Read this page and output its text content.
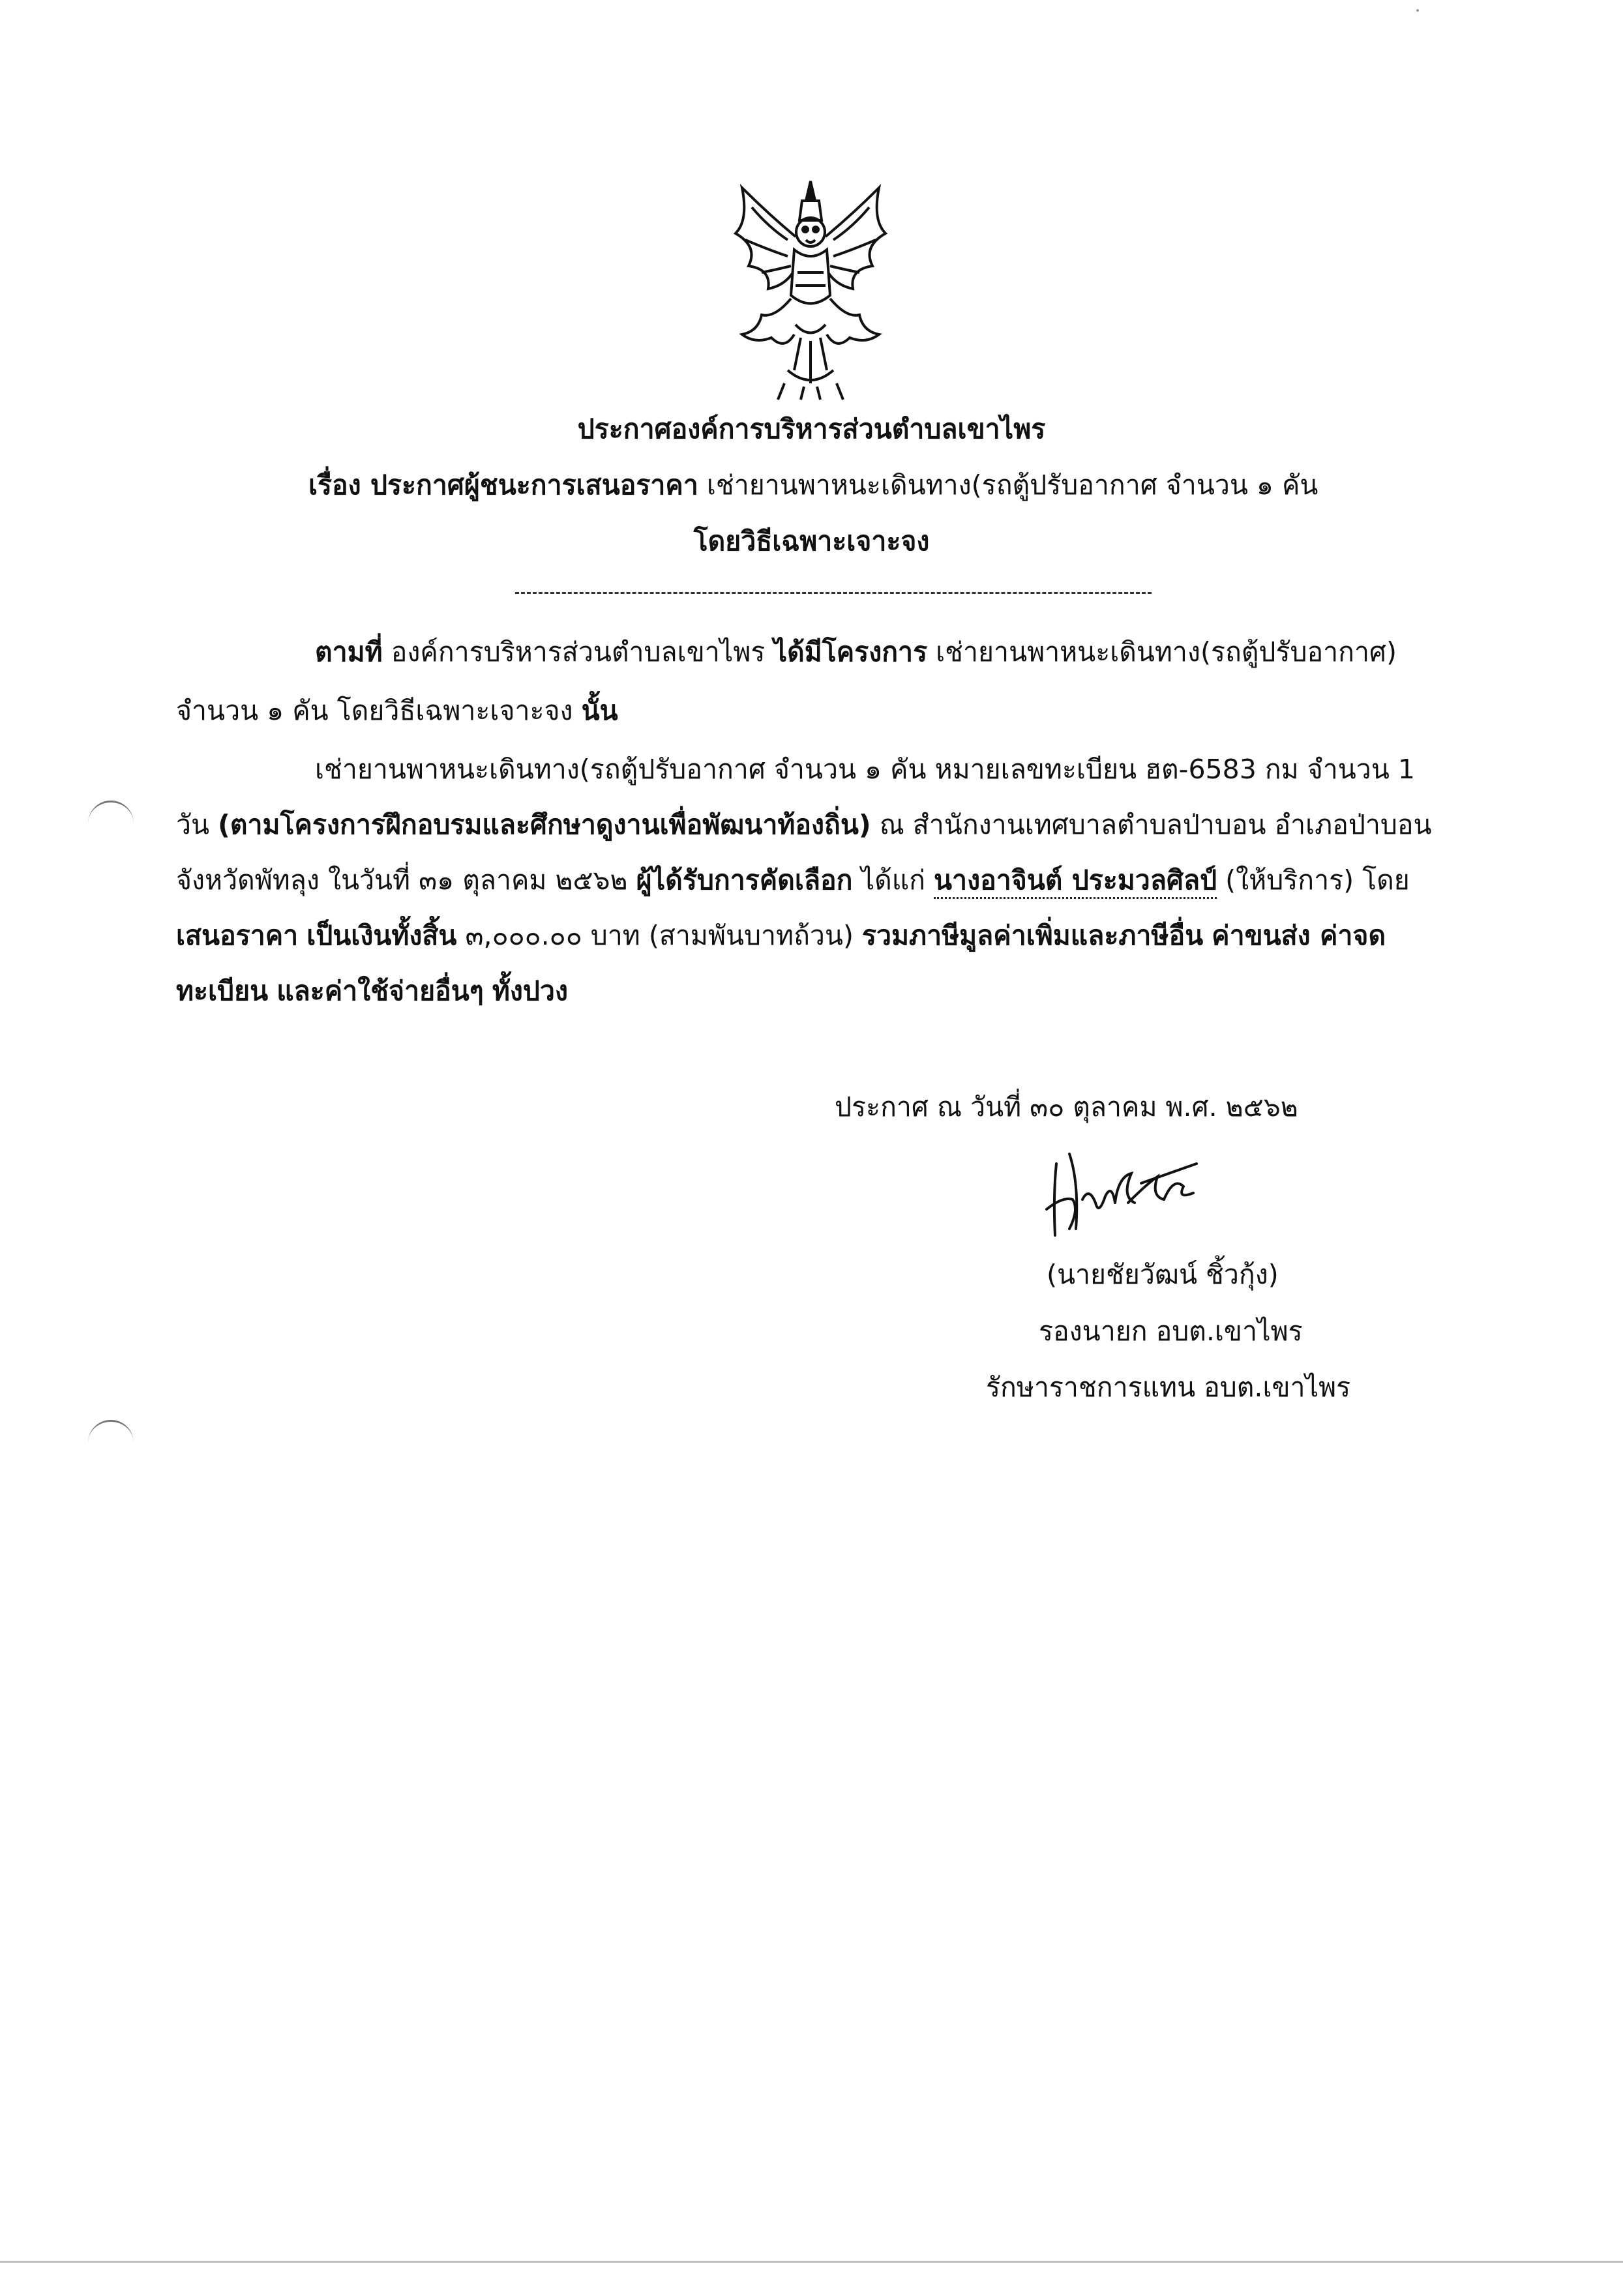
ประกาศองค์การบริหารส่วนตำบลเขาไพร
เรื่อง ประกาศผู้ชนะการเสนอราคา เช่ายานพาหนะเดินทาง(รถตู้ปรับอากาศ จำนวน ๑ คัน
โดยวิธีเฉพาะเจาะจง
ตามที่ องค์การบริหารส่วนตำบลเขาไพร ได้มีโครงการ เช่ายานพาหนะเดินทาง(รถตู้ปรับอากาศ)
จำนวน ๑ คัน โดยวิธีเฉพาะเจาะจง นั้น
เช่ายานพาหนะเดินทาง(รถตู้ปรับอากาศ จำนวน ๑ คัน หมายเลขทะเบียน ฮต-6583 กม จำนวน 1
วัน (ตามโครงการฝึกอบรมและศึกษาดูงานเพื่อพัฒนาท้องถิ่น) ณ สำนักงานเทศบาลตำบลป่าบอน อำเภอป่าบอน
จังหวัดพัทลุง ในวันที่ ๓๑ ตุลาคม ๒๕๖๒ ผู้ได้รับการคัดเลือก ได้แก่ นางอาจินต์ ประมวลศิลป์ (ให้บริการ) โดย
เสนอราคา เป็นเงินทั้งสิ้น ๓,๐๐๐.๐๐ บาท (สามพันบาทถ้วน) รวมภาษีมูลค่าเพิ่มและภาษีอื่น ค่าขนส่ง ค่าจด
ทะเบียน และค่าใช้จ่ายอื่นๆ ทั้งปวง
ประกาศ ณ วันที่ ๓๐ ตุลาคม พ.ศ. ๒๕๖๒
(นายชัยวัฒน์ ชิ้วกุ้ง)
รองนายก อบต.เขาไพร
รักษาราชการแทน อบต.เขาไพร
